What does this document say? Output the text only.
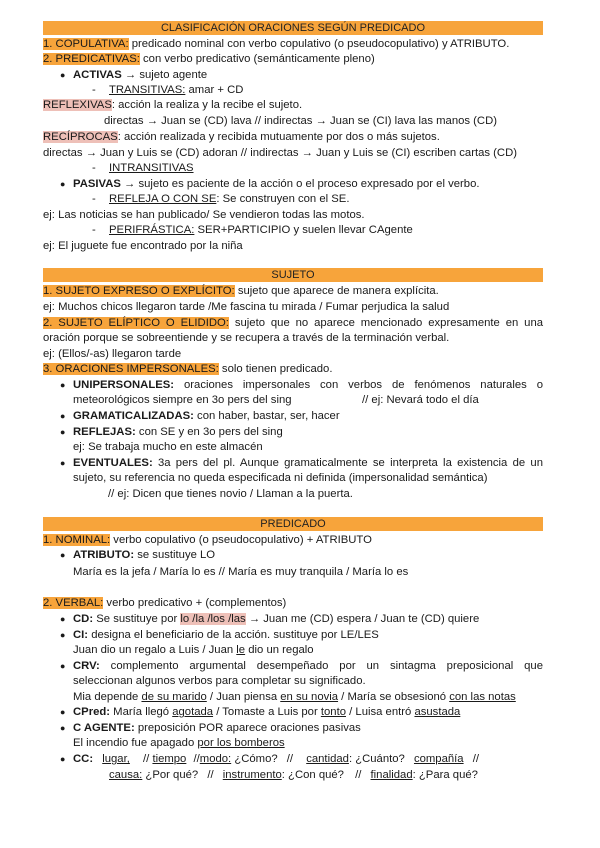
CLASIFICACIÓN ORACIONES SEGÚN PREDICADO
1. COPULATIVA: predicado nominal con verbo copulativo (o pseudocopulativo) y ATRIBUTO.
2. PREDICATIVAS: con verbo predicativo (semánticamente pleno)
● ACTIVAS → sujeto agente
- TRANSITIVAS: amar + CD
REFLEXIVAS: acción la realiza y la recibe el sujeto.
directas → Juan se (CD) lava // indirectas → Juan se (CI) lava las manos (CD)
RECÍPROCAS: acción realizada y recibida mutuamente por dos o más sujetos.
directas → Juan y Luis se (CD) adoran // indirectas → Juan y Luis se (CI) escriben cartas (CD)
- INTRANSITIVAS
● PASIVAS → sujeto es paciente de la acción o el proceso expresado por el verbo.
- REFLEJA O CON SE: Se construyen con el SE.
ej: Las noticias se han publicado/ Se vendieron todas las motos.
- PERIFRÁSTICA: SER+PARTICIPIO y suelen llevar CAgente
ej: El juguete fue encontrado por la niña
SUJETO
1. SUJETO EXPRESO O EXPLÍCITO: sujeto que aparece de manera explícita.
ej: Muchos chicos llegaron tarde /Me fascina tu mirada / Fumar perjudica la salud
2. SUJETO ELÍPTICO O ELIDIDO: sujeto que no aparece mencionado expresamente en una oración porque se sobreentiende y se recupera a través de la terminación verbal.
ej: (Ellos/-as) llegaron tarde
3. ORACIONES IMPERSONALES: solo tienen predicado.
● UNIPERSONALES: oraciones impersonales con verbos de fenómenos naturales o meteorológicos siempre en 3o pers del sing	// ej: Nevará todo el día
● GRAMATICALIZADAS: con haber, bastar, ser, hacer
● REFLEJAS: con SE y en 3o pers del sing
ej: Se trabaja mucho en este almacén
● EVENTUALES: 3a pers del pl. Aunque gramaticalmente se interpreta la existencia de un sujeto, su referencia no queda especificada ni definida (impersonalidad semántica)
// ej: Dicen que tienes novio / Llaman a la puerta.
PREDICADO
1. NOMINAL: verbo copulativo (o pseudocopulativo) + ATRIBUTO
● ATRIBUTO: se sustituye LO
María es la jefa / María lo es // María es muy tranquila / María lo es
2. VERBAL: verbo predicativo + (complementos)
● CD: Se sustituye por lo /la /los /las → Juan me (CD) espera / Juan te (CD) quiere
● CI: designa el beneficiario de la acción. sustituye por LE/LES
Juan dio un regalo a Luis / Juan le dio un regalo
● CRV: complemento argumental desempeñado por un sintagma preposicional que seleccionan algunos verbos para completar su significado.
Mia depende de su marido / Juan piensa en su novia / María se obsesionó con las notas
● CPred: María llegó agotada / Tomaste a Luis por tonto / Luisa entró asustada
● C AGENTE: preposición POR aparece oraciones pasivas
El incendio fue apagado por los bomberos
● CC: lugar, // tiempo //modo: ¿Cómo? // cantidad: ¿Cuánto? compañía //
causa: ¿Por qué? // instrumento: ¿Con qué? // finalidad: ¿Para qué?
